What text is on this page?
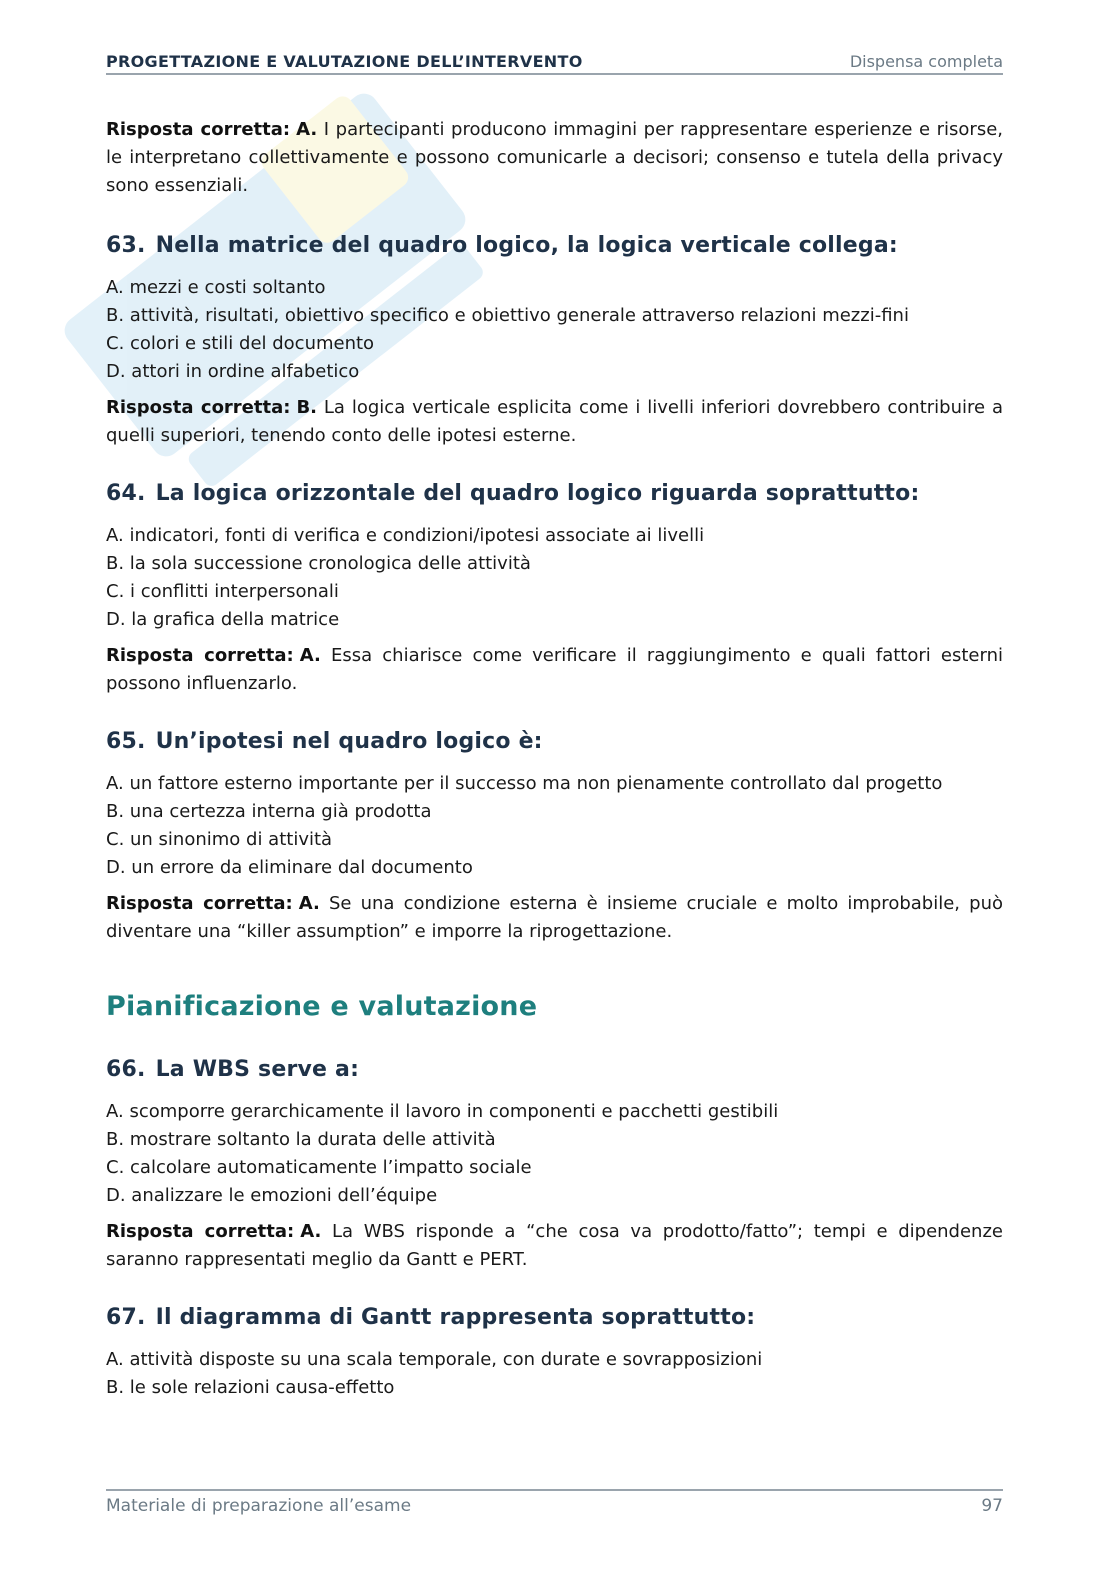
PROGETTAZIONE E VALUTAZIONE DELL’INTERVENTO	Dispensa completa

Risposta corretta: A. I partecipanti producono immagini per rappresentare esperienze e risorse, le interpretano collettivamente e possono comunicarle a decisori; consenso e tutela della privacy sono essenziali.

63. Nella matrice del quadro logico, la logica verticale collega:
A. mezzi e costi soltanto
B. attività, risultati, obiettivo specifico e obiettivo generale attraverso relazioni mezzi-fini
C. colori e stili del documento
D. attori in ordine alfabetico

Risposta corretta: B. La logica verticale esplicita come i livelli inferiori dovrebbero contribuire a quelli superiori, tenendo conto delle ipotesi esterne.

64. La logica orizzontale del quadro logico riguarda soprattutto:
A. indicatori, fonti di verifica e condizioni/ipotesi associate ai livelli
B. la sola successione cronologica delle attività
C. i conflitti interpersonali
D. la grafica della matrice

Risposta corretta: A. Essa chiarisce come verificare il raggiungimento e quali fattori esterni possono influenzarlo.

65. Un’ipotesi nel quadro logico è:
A. un fattore esterno importante per il successo ma non pienamente controllato dal progetto
B. una certezza interna già prodotta
C. un sinonimo di attività
D. un errore da eliminare dal documento

Risposta corretta: A. Se una condizione esterna è insieme cruciale e molto improbabile, può diventare una “killer assumption” e imporre la riprogettazione.

Pianificazione e valutazione
66. La WBS serve a:
A. scomporre gerarchicamente il lavoro in componenti e pacchetti gestibili
B. mostrare soltanto la durata delle attività
C. calcolare automaticamente l’impatto sociale
D. analizzare le emozioni dell’équipe

Risposta corretta: A. La WBS risponde a “che cosa va prodotto/fatto”; tempi e dipendenze saranno rappresentati meglio da Gantt e PERT.

67. Il diagramma di Gantt rappresenta soprattutto:
A. attività disposte su una scala temporale, con durate e sovrapposizioni
B. le sole relazioni causa-effetto
Materiale di preparazione all’esame	97
